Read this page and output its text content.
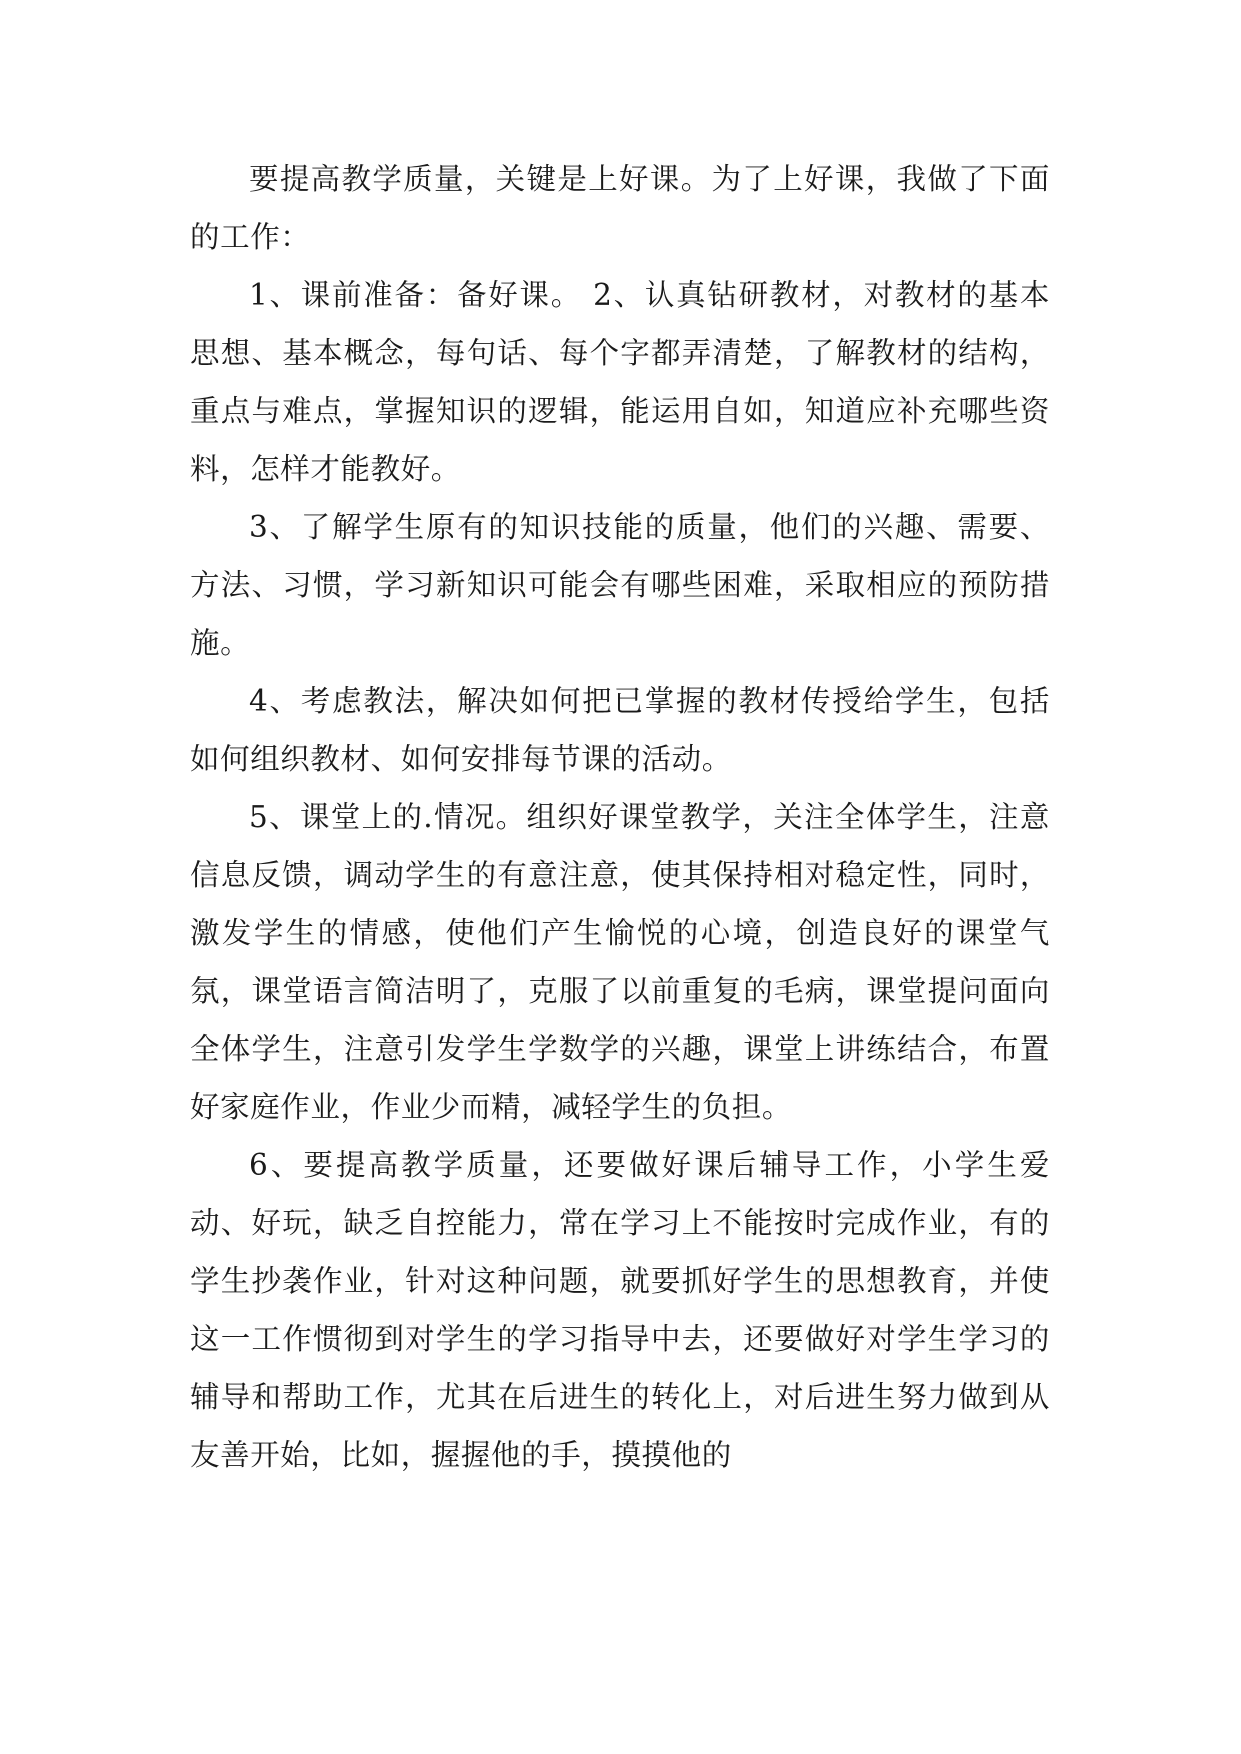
要提高教学质量，关键是上好课。为了上好课，我做了下面的工作：

1、课前准备：备好课。 2、认真钻研教材，对教材的基本思想、基本概念，每句话、每个字都弄清楚，了解教材的结构，重点与难点，掌握知识的逻辑，能运用自如，知道应补充哪些资料，怎样才能教好。

3、了解学生原有的知识技能的质量，他们的兴趣、需要、方法、习惯，学习新知识可能会有哪些困难，采取相应的预防措施。

4、考虑教法，解决如何把已掌握的教材传授给学生，包括如何组织教材、如何安排每节课的活动。

5、课堂上的.情况。组织好课堂教学，关注全体学生，注意信息反馈，调动学生的有意注意，使其保持相对稳定性，同时，激发学生的情感，使他们产生愉悦的心境，创造良好的课堂气氛，课堂语言简洁明了，克服了以前重复的毛病，课堂提问面向全体学生，注意引发学生学数学的兴趣，课堂上讲练结合，布置好家庭作业，作业少而精，减轻学生的负担。

6、要提高教学质量，还要做好课后辅导工作，小学生爱动、好玩，缺乏自控能力，常在学习上不能按时完成作业，有的学生抄袭作业，针对这种问题，就要抓好学生的思想教育，并使这一工作惯彻到对学生的学习指导中去，还要做好对学生学习的辅导和帮助工作，尤其在后进生的转化上，对后进生努力做到从友善开始，比如，握握他的手，摸摸他的
